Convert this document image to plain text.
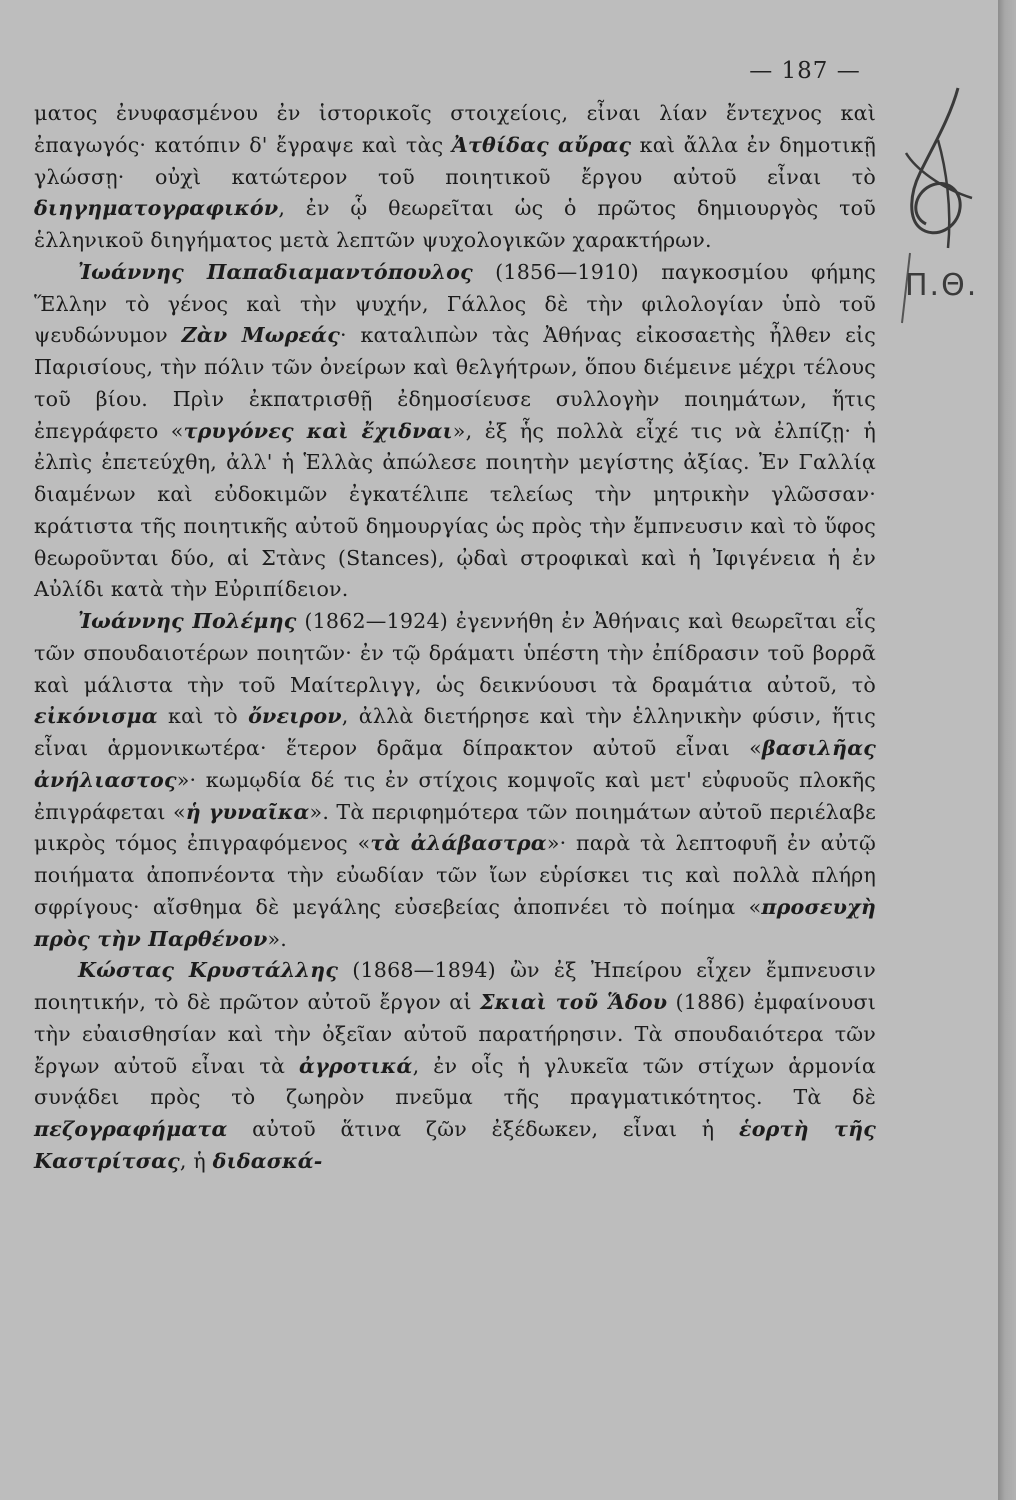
— 187 —
Π.Θ.

ματος ἐνυφασμένου ἐν ἱστορικοῖς στοιχείοις, εἶναι λίαν ἔντεχνος καὶ ἐπαγωγός· κατόπιν δ' ἔγραψε καὶ τὰς Ἀτθίδας αὔρας καὶ ἄλλα ἐν δημοτικῇ γλώσσῃ· οὐχὶ κατώτερον τοῦ ποιητικοῦ ἔργου αὐτοῦ εἶναι τὸ διηγηματογραφικόν, ἐν ᾧ θεωρεῖται ὡς ὁ πρῶτος δημιουργὸς τοῦ ἑλληνικοῦ διηγήματος μετὰ λεπτῶν ψυχολογικῶν χαρακτήρων.

Ἰωάννης Παπαδιαμαντόπουλος (1856—1910) παγκοσμίου φήμης Ἕλλην τὸ γένος καὶ τὴν ψυχήν, Γάλλος δὲ τὴν φιλολογίαν ὑπὸ τοῦ ψευδώνυμον Ζὰν Μωρεάς· καταλιπὼν τὰς Ἀθήνας εἰκοσαετὴς ἦλθεν εἰς Παρισίους, τὴν πόλιν τῶν ὀνείρων καὶ θελγήτρων, ὅπου διέμεινε μέχρι τέλους τοῦ βίου. Πρὶν ἐκπατρισθῇ ἐδημοσίευσε συλλογὴν ποιημάτων, ἥτις ἐπεγράφετο «τρυγόνες καὶ ἔχιδναι», ἐξ ἧς πολλὰ εἶχέ τις νὰ ἐλπίζῃ· ἡ ἐλπὶς ἐπετεύχθη, ἀλλ' ἡ Ἑλλὰς ἀπώλεσε ποιητὴν μεγίστης ἀξίας. Ἐν Γαλλίᾳ διαμένων καὶ εὐδοκιμῶν ἐγκατέλιπε τελείως τὴν μητρικὴν γλῶσσαν· κράτιστα τῆς ποιητικῆς αὐτοῦ δημουργίας ὡς πρὸς τὴν ἔμπνευσιν καὶ τὸ ὕφος θεωροῦνται δύο, αἱ Στὰνς (Stances), ᾠδαὶ στροφικαὶ καὶ ἡ Ἰφιγένεια ἡ ἐν Αὐλίδι κατὰ τὴν Εὐριπίδειον.

Ἰωάννης Πολέμης (1862—1924) ἐγεννήθη ἐν Ἀθήναις καὶ θεωρεῖται εἷς τῶν σπουδαιοτέρων ποιητῶν· ἐν τῷ δράματι ὑπέστη τὴν ἐπίδρασιν τοῦ βορρᾶ καὶ μάλιστα τὴν τοῦ Μαίτερλιγγ, ὡς δεικνύουσι τὰ δραμάτια αὐτοῦ, τὸ εἰκόνισμα καὶ τὸ ὄνειρον, ἀλλὰ διετήρησε καὶ τὴν ἑλληνικὴν φύσιν, ἥτις εἶναι ἁρμονικωτέρα· ἕτερον δρᾶμα δίπρακτον αὐτοῦ εἶναι «βασιλῆας ἀνήλιαστος»· κωμῳδία δέ τις ἐν στίχοις κομψοῖς καὶ μετ' εὐφυοῦς πλοκῆς ἐπιγράφεται «ἡ γυναῖκα». Τὰ περιφημότερα τῶν ποιημάτων αὐτοῦ περιέλαβε μικρὸς τόμος ἐπιγραφόμενος «τὰ ἀλάβαστρα»· παρὰ τὰ λεπτοφυῆ ἐν αὐτῷ ποιήματα ἀποπνέοντα τὴν εὐωδίαν τῶν ἴων εὑρίσκει τις καὶ πολλὰ πλήρη σφρίγους· αἴσθημα δὲ μεγάλης εὐσεβείας ἀποπνέει τὸ ποίημα «προσευχὴ πρὸς τὴν Παρθένον».

Κώστας Κρυστάλλης (1868—1894) ὢν ἐξ Ἠπείρου εἶχεν ἔμπνευσιν ποιητικήν, τὸ δὲ πρῶτον αὐτοῦ ἔργον αἱ Σκιαὶ τοῦ Ἅδου (1886) ἐμφαίνουσι τὴν εὐαισθησίαν καὶ τὴν ὀξεῖαν αὐτοῦ παρατήρησιν. Τὰ σπουδαιότερα τῶν ἔργων αὐτοῦ εἶναι τὰ ἀγροτικά, ἐν οἷς ἡ γλυκεῖα τῶν στίχων ἁρμονία συνᾴδει πρὸς τὸ ζωηρὸν πνεῦμα τῆς πραγματικότητος. Τὰ δὲ πεζογραφήματα αὐτοῦ ἅτινα ζῶν ἐξέδωκεν, εἶναι ἡ ἑορτὴ τῆς Καστρίτσας, ἡ διδασκά-
